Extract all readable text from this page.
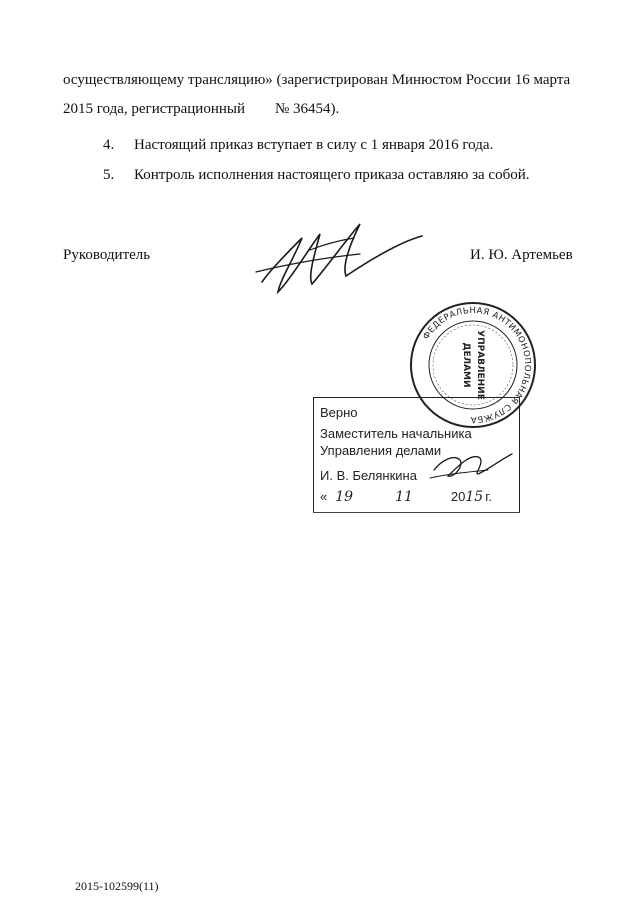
осуществляющему трансляцию» (зарегистрирован Минюстом России 16 марта
2015 года, регистрационный № 36454).
4. Настоящий приказ вступает в силу с 1 января 2016 года.
5. Контроль исполнения настоящего приказа оставляю за собой.
Руководитель	И. Ю. Артемьев
ФЕДЕРАЛЬНАЯ АНТИМОНОПОЛЬНАЯ СЛУЖБА
УПРАВЛЕНИЕ
ДЕЛАМИ
Верно
Заместитель начальника
Управления делами
И. В. Белянкина
« 19	11	2015 г.
2015-102599(11)
